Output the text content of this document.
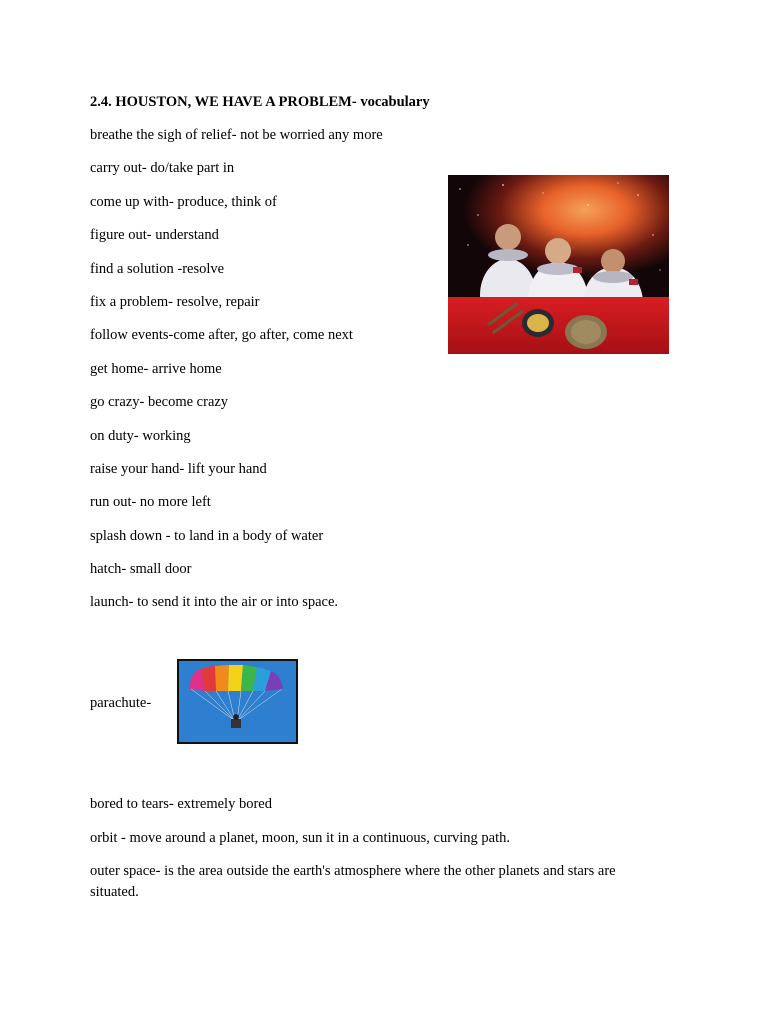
2.4. HOUSTON, WE HAVE A PROBLEM- vocabulary
breathe the sigh of relief- not be worried any more
carry out- do/take part in
come up with- produce, think of
figure out- understand
find a solution -resolve
fix a problem- resolve, repair
follow events-come after, go after, come next
get home- arrive home
go crazy- become crazy
on duty- working
raise your hand- lift your hand
run out- no more left
splash down - to land in a body of water
hatch- small door
launch- to send it into the air or into space.
parachute-
bored to tears- extremely bored
orbit - move around a planet, moon, sun it in a continuous, curving path.
outer space- is the area outside the earth's atmosphere where the other planets and stars are situated.
